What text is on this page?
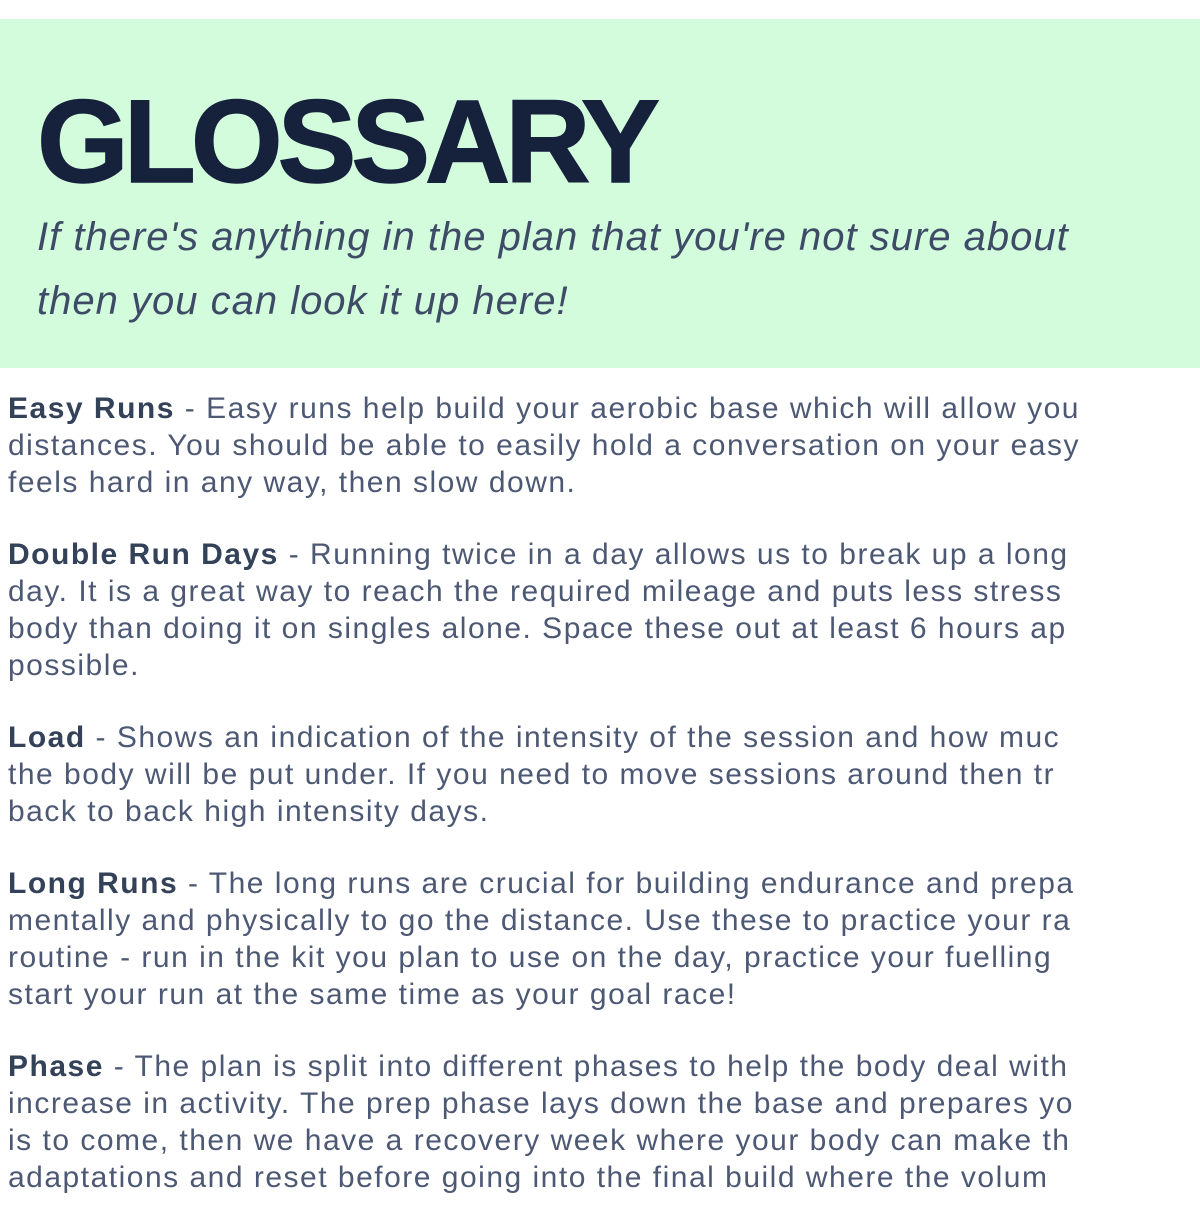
GLOSSARY

If there's anything in the plan that you're not sure about
then you can look it up here!

Easy Runs - Easy runs help build your aerobic base which will allow you
distances. You should be able to easily hold a conversation on your easy
feels hard in any way, then slow down.

Double Run Days - Running twice in a day allows us to break up a long
day. It is a great way to reach the required mileage and puts less stress
body than doing it on singles alone. Space these out at least 6 hours ap
possible.

Load - Shows an indication of the intensity of the session and how muc
the body will be put under. If you need to move sessions around then tr
back to back high intensity days.

Long Runs - The long runs are crucial for building endurance and prepa
mentally and physically to go the distance. Use these to practice your ra
routine - run in the kit you plan to use on the day, practice your fuelling
start your run at the same time as your goal race!

Phase - The plan is split into different phases to help the body deal with
increase in activity. The prep phase lays down the base and prepares yo
is to come, then we have a recovery week where your body can make th
adaptations and reset before going into the final build where the volum
